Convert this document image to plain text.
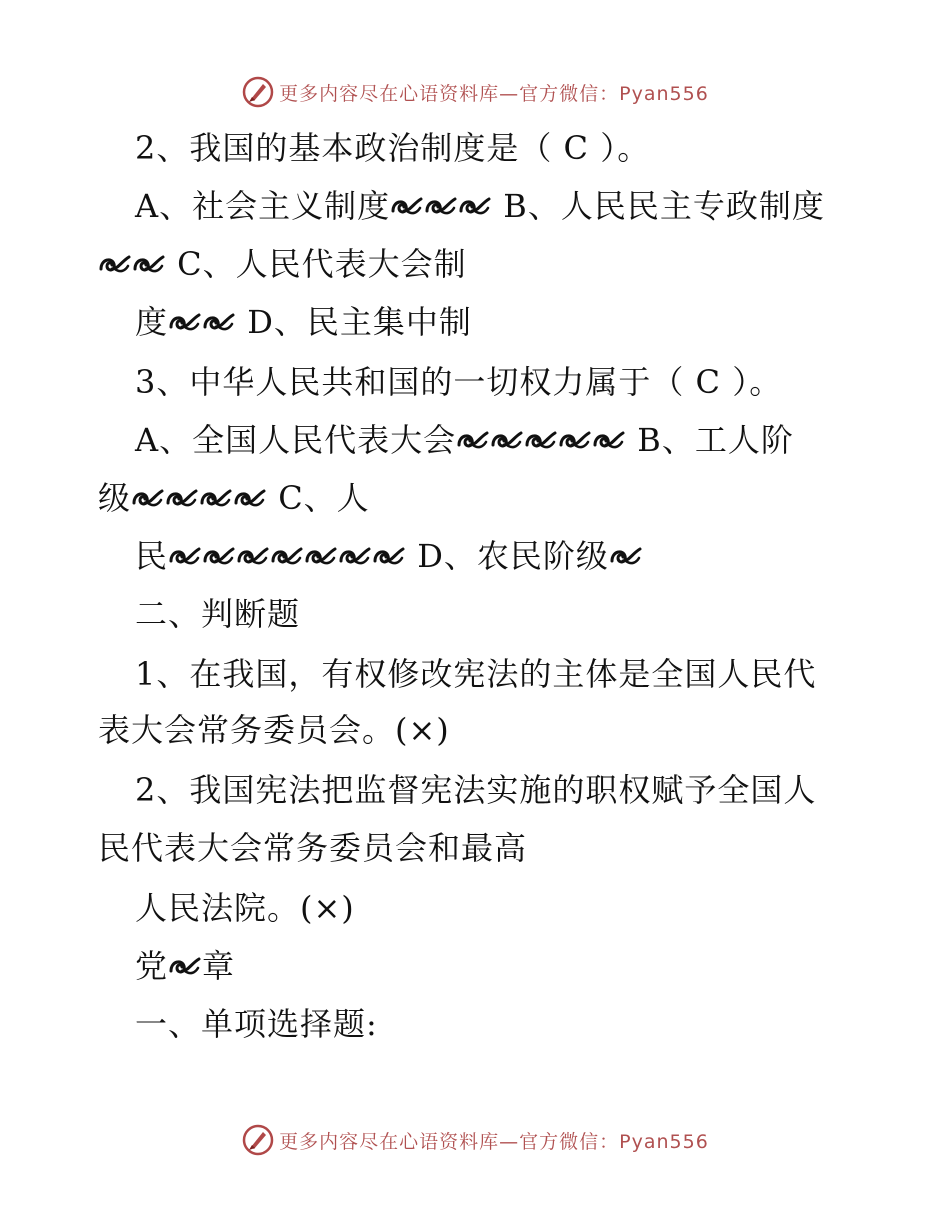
更多内容尽在心语资料库—官方微信：Pyan556
2、我国的基本政治制度是（ C ）。
A、社会主义制度	B、人民民主专政制度
C、人民代表大会制
度
D、民主集中制
3、中华人民共和国的一切权力属于（ C ）。
A、全国人民代表大会	B、工人阶
级	C、人
民	D、农民阶级
二、判断题
1、在我国，有权修改宪法的主体是全国人民代
表大会常务委员会。(×)
2、我国宪法把监督宪法实施的职权赋予全国人
民代表大会常务委员会和最高
人民法院。(×)
党 章
一、单项选择题:
更多内容尽在心语资料库—官方微信：Pyan556
